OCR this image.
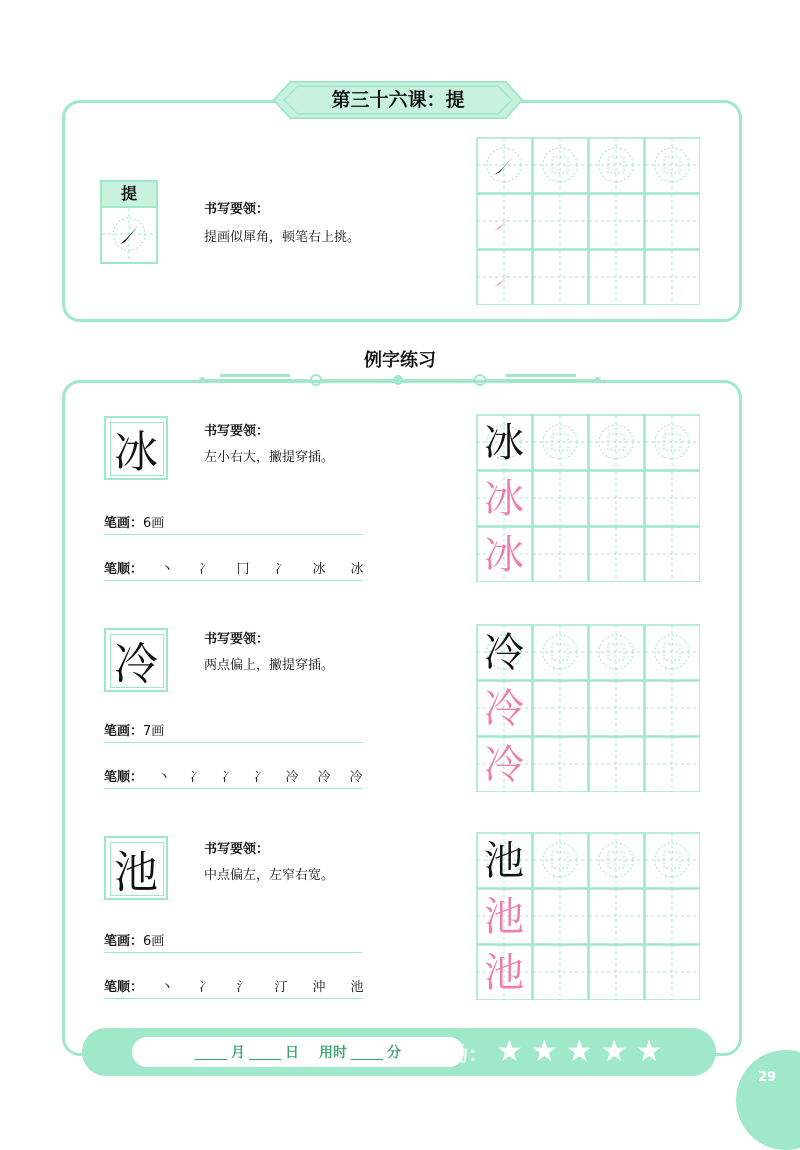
第三十六课：提
提
书写要领：
提画似犀角，顿笔右上挑。
例字练习
冰	书写要领：
左小右大，撇提穿插。
笔画：6画
笔顺：	丶	冫	冂	冫	冰	冰
冰
冰
冰
冷	书写要领：
两点偏上，撇提穿插。
笔画：7画
笔顺：	丶	冫	冫	冫	冷	冷	冷
冷
冷
冷
池	书写要领：
中点偏左，左窄右宽。
笔画：6画
笔顺：	丶	冫	氵	汀	沖	池
池
池
池
月	日 用时	分 奖励： ★ ★ ★ ★ ★
29
